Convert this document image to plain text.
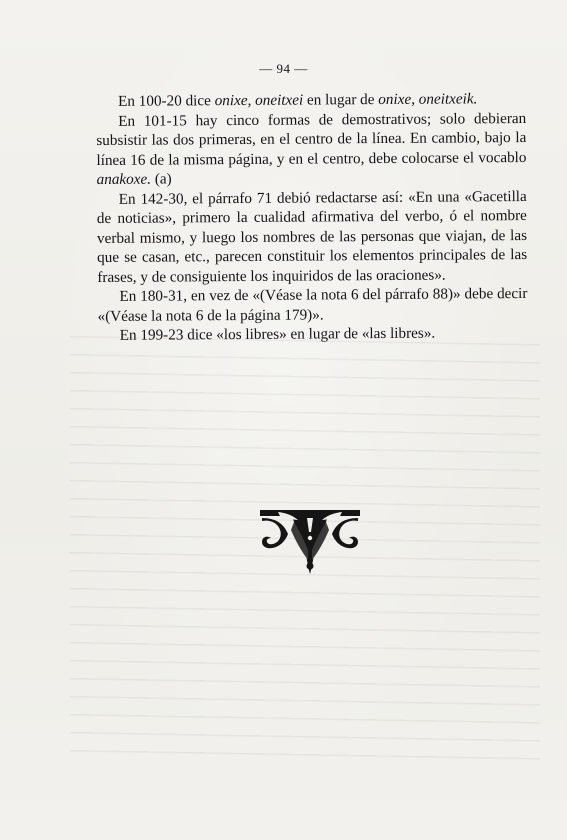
— 94 —

En 100-20 dice onixe, oneitxei en lugar de onixe, oneitxeik.

En 101-15 hay cinco formas de demostrativos; solo debieran subsistir las dos primeras, en el centro de la línea. En cambio, bajo la línea 16 de la misma página, y en el centro, debe colocarse el vocablo anakoxe. (a)

En 142-30, el párrafo 71 debió redactarse así: «En una «Gacetilla de noticias», primero la cualidad afirmativa del verbo, ó el nombre verbal mismo, y luego los nombres de las personas que viajan, de las que se casan, etc., parecen constituir los elementos principales de las frases, y de consiguiente los inquiridos de las oraciones».

En 180-31, en vez de «(Véase la nota 6 del párrafo 88)» debe decir «(Véase la nota 6 de la página 179)».

En 199-23 dice «los libres» en lugar de «las libres».
